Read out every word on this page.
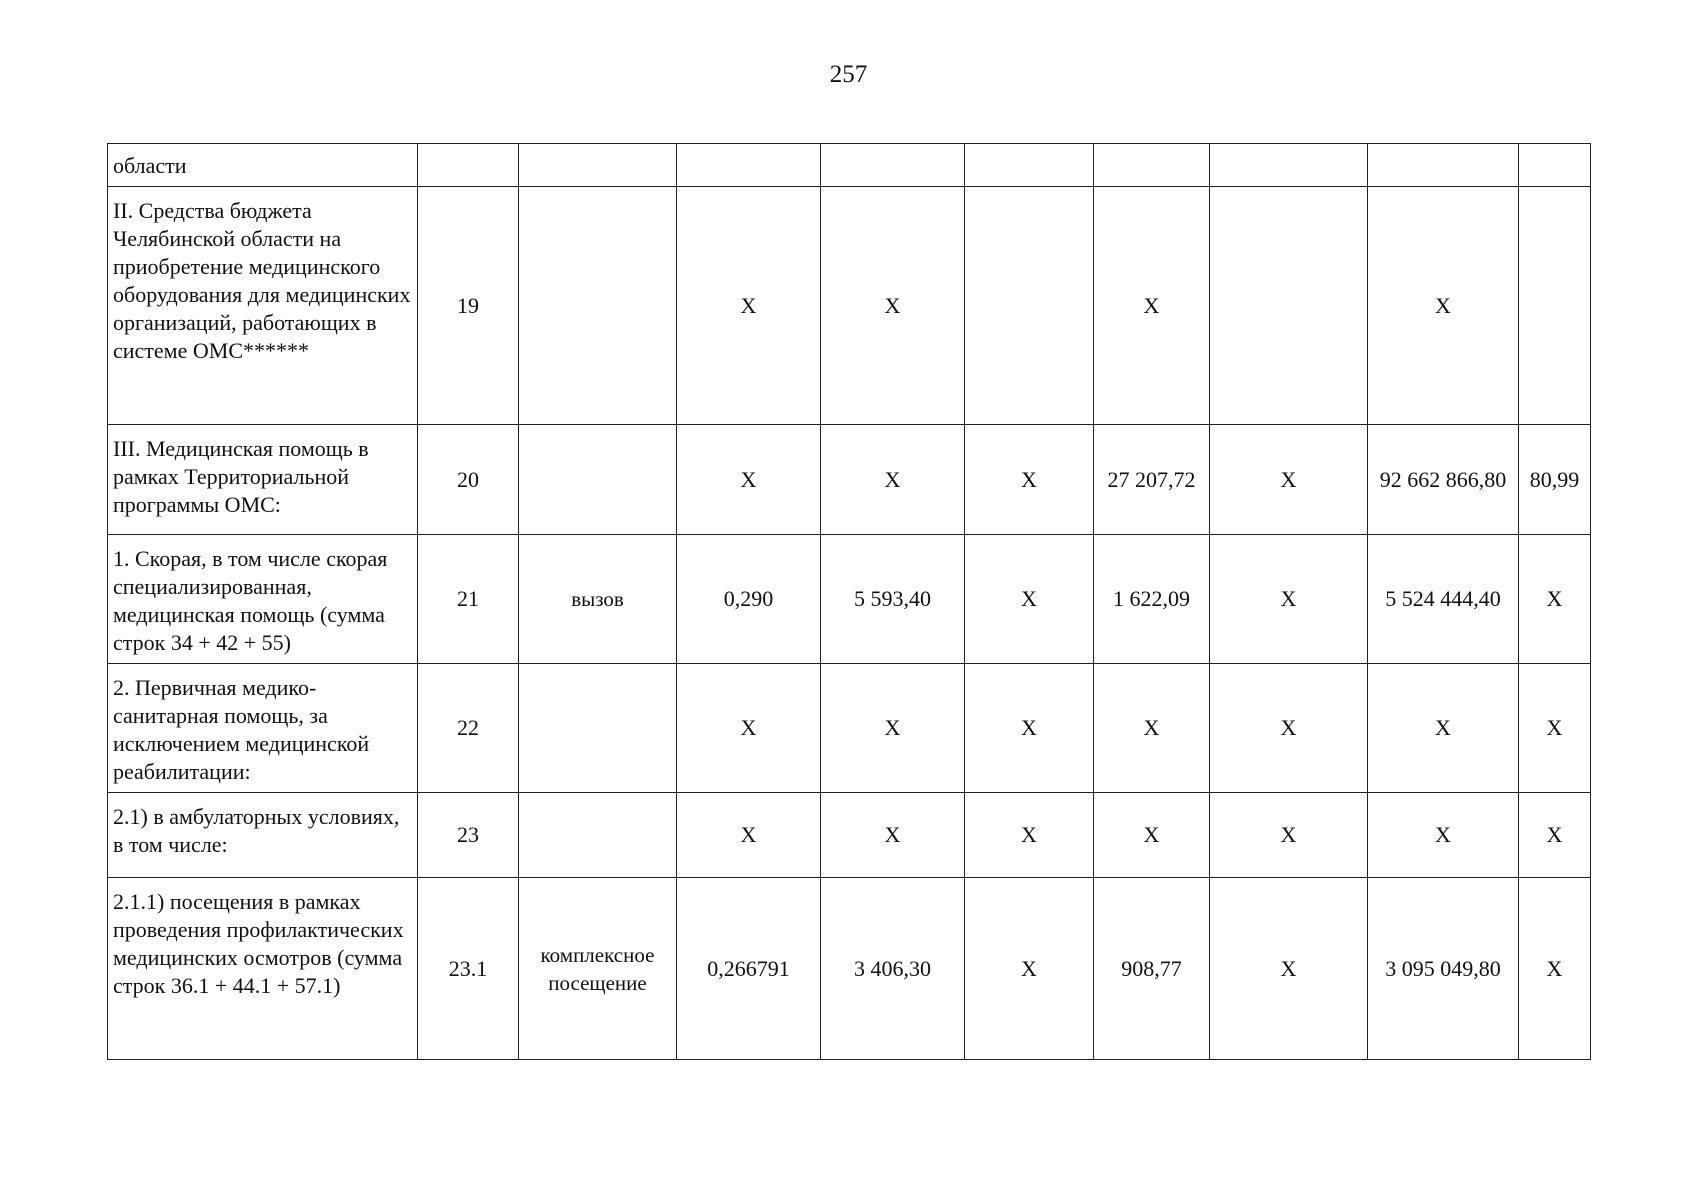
257
области									
II. Средства бюджета Челябинской области на приобретение медицинского оборудования для медицинских организаций, работающих в системе ОМС******	19		Х	Х		Х		Х	
III. Медицинская помощь в рамках Территориальной программы ОМС:	20		Х	Х	Х	27 207,72	Х	92 662 866,80	80,99
1. Скорая, в том числе скорая специализированная, медицинская помощь (сумма строк 34 + 42 + 55)	21	вызов	0,290	5 593,40	Х	1 622,09	Х	5 524 444,40	Х
2. Первичная медико-санитарная помощь, за исключением медицинской реабилитации:	22		Х	Х	Х	Х	Х	Х	Х
2.1) в амбулаторных условиях, в том числе:	23		Х	Х	Х	Х	Х	Х	Х
2.1.1) посещения в рамках проведения профилактических медицинских осмотров (сумма строк 36.1 + 44.1 + 57.1)	23.1	комплексное посещение	0,266791	3 406,30	Х	908,77	Х	3 095 049,80	Х
